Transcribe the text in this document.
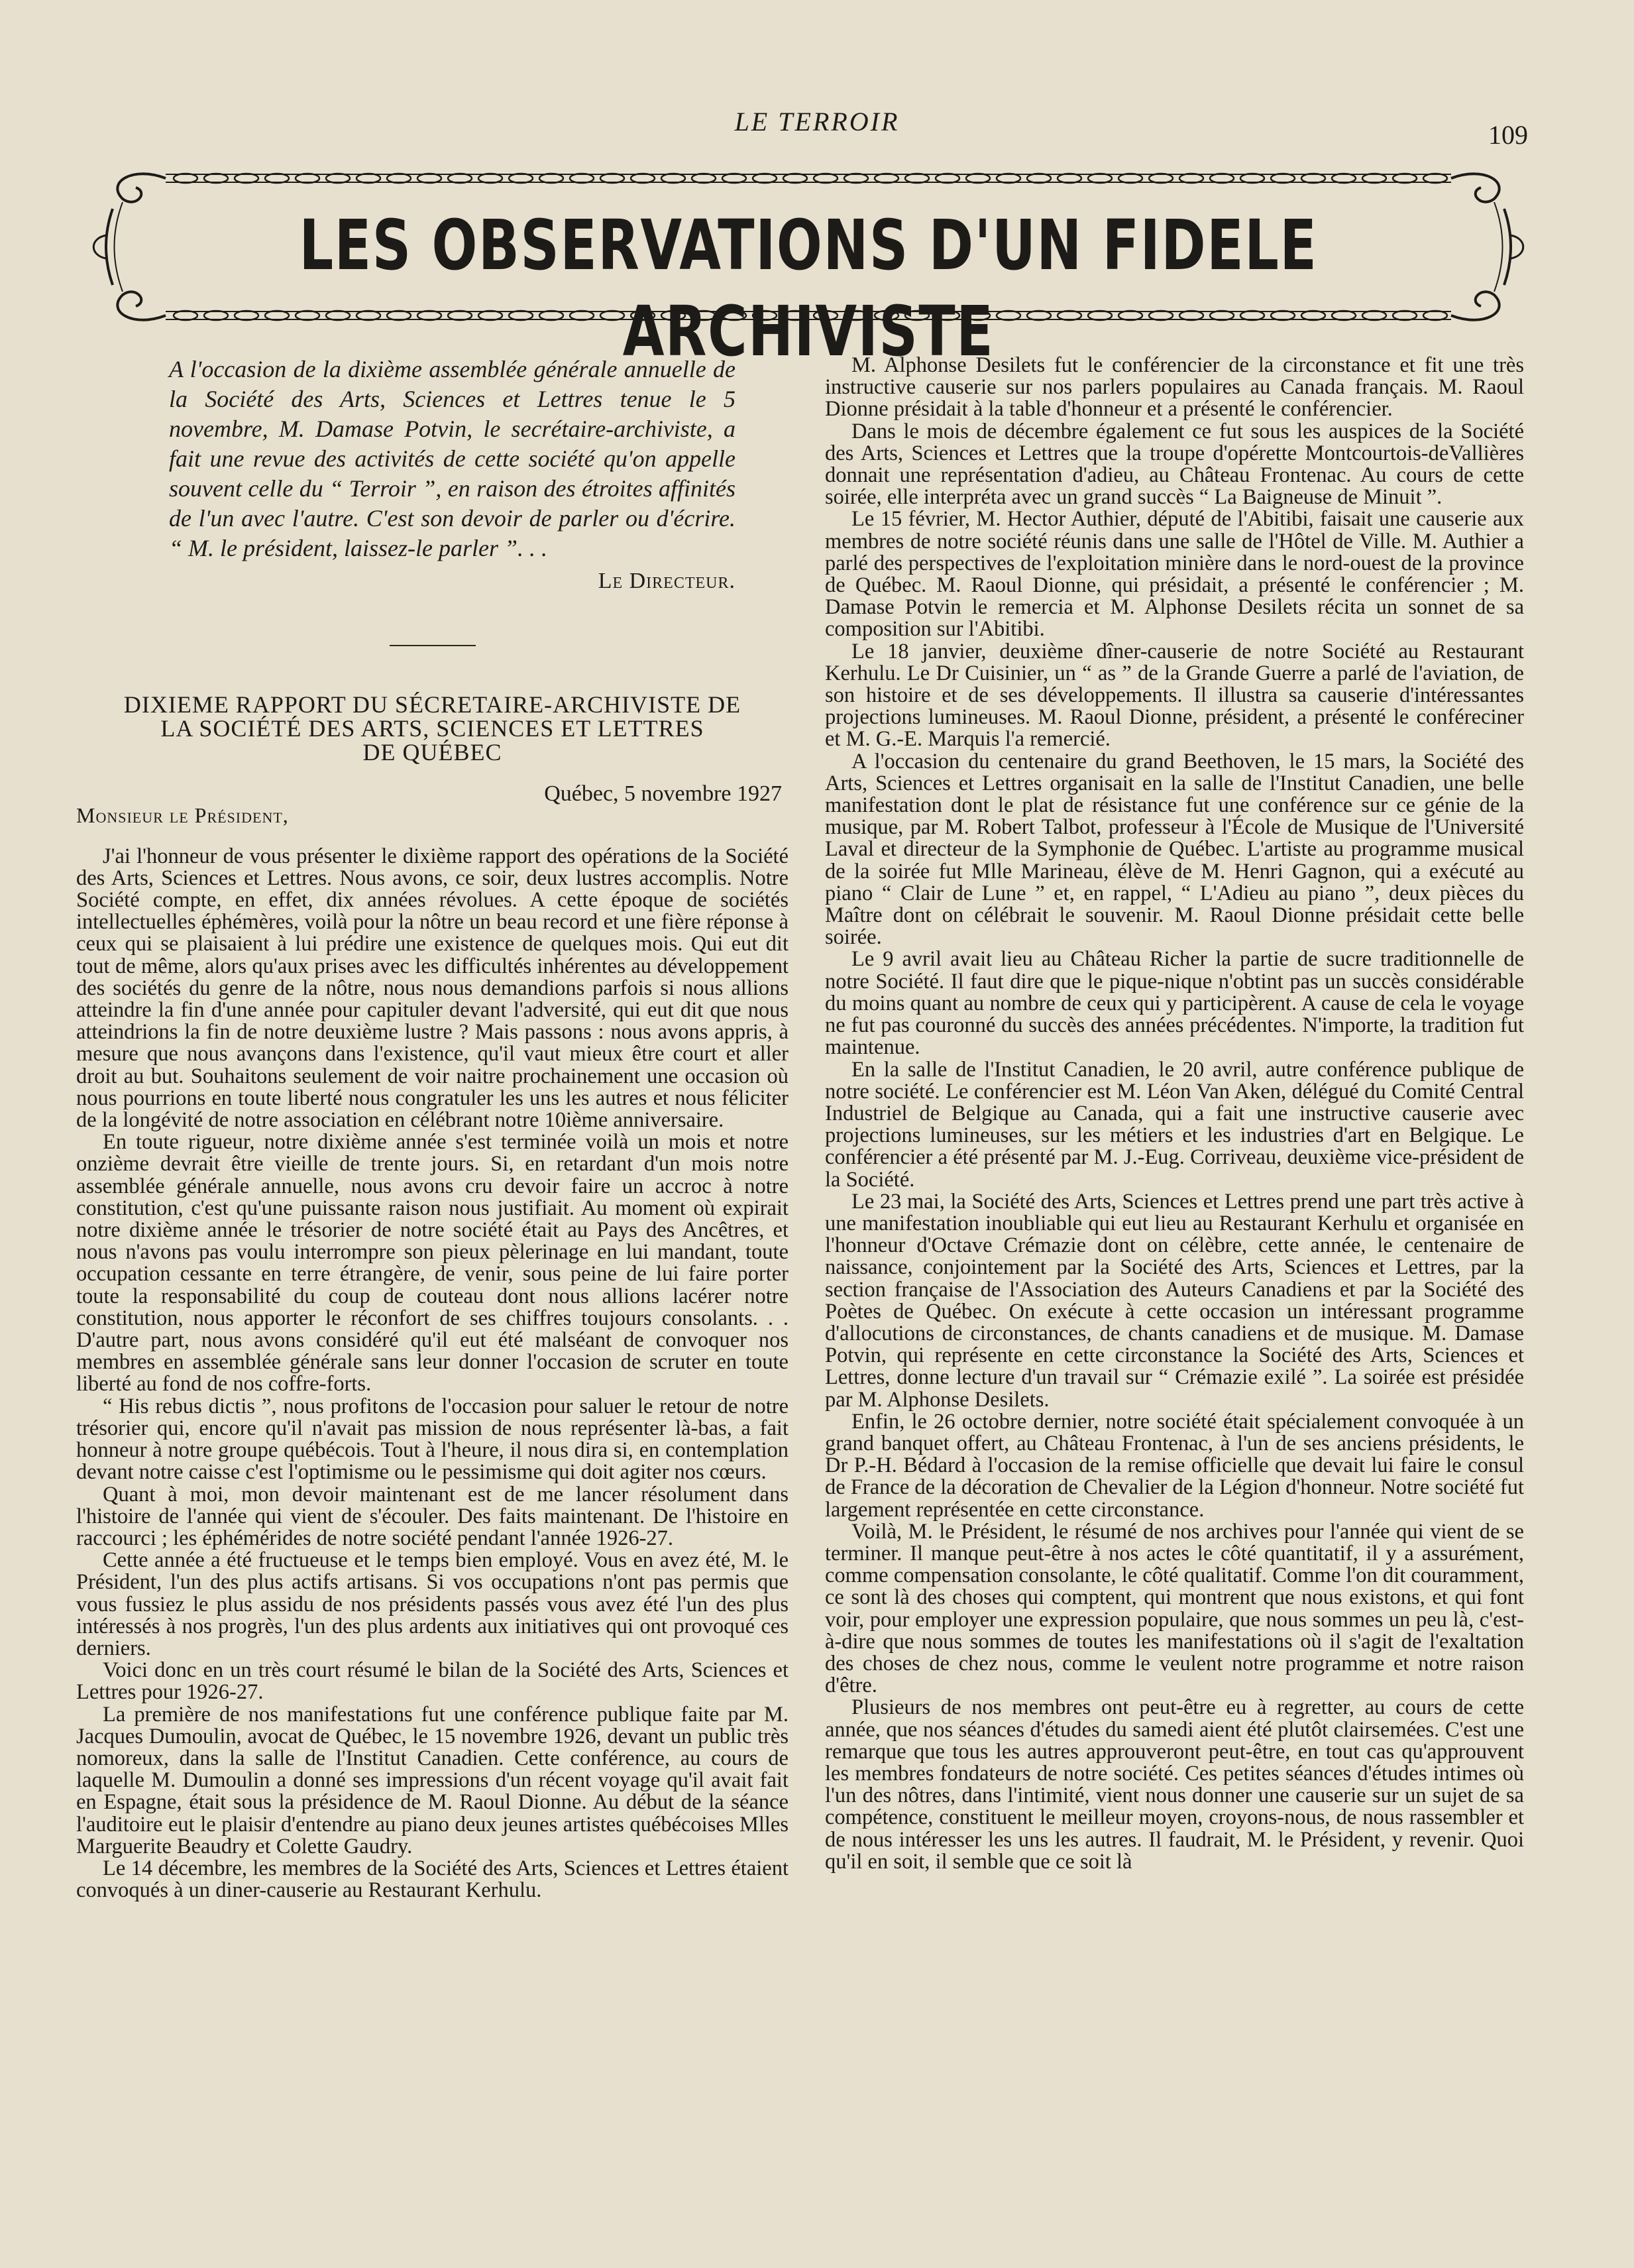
LE TERROIR	109
LES OBSERVATIONS D'UN FIDELE ARCHIVISTE
A l'occasion de la dixième assemblée générale annuelle de la Société des Arts, Sciences et Lettres tenue le 5 novembre, M. Damase Potvin, le secrétaire-archiviste, a fait une revue des activités de cette société qu'on appelle souvent celle du “ Terroir ”, en raison des étroites affinités de l'un avec l'autre. C'est son devoir de parler ou d'écrire. “ M. le président, laissez-le parler ”. . .
Le Directeur.
DIXIEME RAPPORT DU SÉCRETAIRE-ARCHIVISTE DE
LA SOCIÉTÉ DES ARTS, SCIENCES ET LETTRES
DE QUÉBEC
Québec, 5 novembre 1927
Monsieur le Président,

J'ai l'honneur de vous présenter le dixième rapport des opérations de la Société des Arts, Sciences et Lettres. Nous avons, ce soir, deux lustres accomplis. Notre Société compte, en effet, dix années révolues. A cette époque de sociétés intellectuelles éphémères, voilà pour la nôtre un beau record et une fière réponse à ceux qui se plaisaient à lui prédire une existence de quelques mois. Qui eut dit tout de même, alors qu'aux prises avec les difficultés inhérentes au développement des sociétés du genre de la nôtre, nous nous demandions parfois si nous allions atteindre la fin d'une année pour capituler devant l'adversité, qui eut dit que nous atteindrions la fin de notre deuxième lustre ? Mais passons : nous avons appris, à mesure que nous avançons dans l'existence, qu'il vaut mieux être court et aller droit au but. Souhaitons seulement de voir naitre prochainement une occasion où nous pourrions en toute liberté nous congratuler les uns les autres et nous féliciter de la longévité de notre association en célébrant notre 10ième anniversaire.

En toute rigueur, notre dixième année s'est terminée voilà un mois et notre onzième devrait être vieille de trente jours. Si, en retardant d'un mois notre assemblée générale annuelle, nous avons cru devoir faire un accroc à notre constitution, c'est qu'une puissante raison nous justifiait. Au moment où expirait notre dixième année le trésorier de notre société était au Pays des Ancêtres, et nous n'avons pas voulu interrompre son pieux pèlerinage en lui mandant, toute occupation cessante en terre étrangère, de venir, sous peine de lui faire porter toute la responsabilité du coup de couteau dont nous allions lacérer notre constitution, nous apporter le réconfort de ses chiffres toujours consolants. . . D'autre part, nous avons considéré qu'il eut été malséant de convoquer nos membres en assemblée générale sans leur donner l'occasion de scruter en toute liberté au fond de nos coffre-forts.

“ His rebus dictis ”, nous profitons de l'occasion pour saluer le retour de notre trésorier qui, encore qu'il n'avait pas mission de nous représenter là-bas, a fait honneur à notre groupe québécois. Tout à l'heure, il nous dira si, en contemplation devant notre caisse c'est l'optimisme ou le pessimisme qui doit agiter nos cœurs.

Quant à moi, mon devoir maintenant est de me lancer résolument dans l'histoire de l'année qui vient de s'écouler. Des faits maintenant. De l'histoire en raccourci ; les éphémérides de notre société pendant l'année 1926-27.

Cette année a été fructueuse et le temps bien employé. Vous en avez été, M. le Président, l'un des plus actifs artisans. Si vos occupations n'ont pas permis que vous fussiez le plus assidu de nos présidents passés vous avez été l'un des plus intéressés à nos progrès, l'un des plus ardents aux initiatives qui ont provoqué ces derniers.

Voici donc en un très court résumé le bilan de la Société des Arts, Sciences et Lettres pour 1926-27.

La première de nos manifestations fut une conférence publique faite par M. Jacques Dumoulin, avocat de Québec, le 15 novembre 1926, devant un public très nomoreux, dans la salle de l'Institut Canadien. Cette conférence, au cours de laquelle M. Dumoulin a donné ses impressions d'un récent voyage qu'il avait fait en Espagne, était sous la présidence de M. Raoul Dionne. Au début de la séance l'auditoire eut le plaisir d'entendre au piano deux jeunes artistes québécoises Mlles Marguerite Beaudry et Colette Gaudry.

Le 14 décembre, les membres de la Société des Arts, Sciences et Lettres étaient convoqués à un diner-causerie au Restaurant Kerhulu.

M. Alphonse Desilets fut le conférencier de la circonstance et fit une très instructive causerie sur nos parlers populaires au Canada français. M. Raoul Dionne présidait à la table d'honneur et a présenté le conférencier.

Dans le mois de décembre également ce fut sous les auspices de la Société des Arts, Sciences et Lettres que la troupe d'opérette Montcourtois-deVallières donnait une représentation d'adieu, au Château Frontenac. Au cours de cette soirée, elle interpréta avec un grand succès “ La Baigneuse de Minuit ”.

Le 15 février, M. Hector Authier, député de l'Abitibi, faisait une causerie aux membres de notre société réunis dans une salle de l'Hôtel de Ville. M. Authier a parlé des perspectives de l'exploitation minière dans le nord-ouest de la province de Québec. M. Raoul Dionne, qui présidait, a présenté le conférencier ; M. Damase Potvin le remercia et M. Alphonse Desilets récita un sonnet de sa composition sur l'Abitibi.

Le 18 janvier, deuxième dîner-causerie de notre Société au Restaurant Kerhulu. Le Dr Cuisinier, un “ as ” de la Grande Guerre a parlé de l'aviation, de son histoire et de ses développements. Il illustra sa causerie d'intéressantes projections lumineuses. M. Raoul Dionne, président, a présenté le conféreciner et M. G.-E. Marquis l'a remercié.

A l'occasion du centenaire du grand Beethoven, le 15 mars, la Société des Arts, Sciences et Lettres organisait en la salle de l'Institut Canadien, une belle manifestation dont le plat de résistance fut une conférence sur ce génie de la musique, par M. Robert Talbot, professeur à l'École de Musique de l'Université Laval et directeur de la Symphonie de Québec. L'artiste au programme musical de la soirée fut Mlle Marineau, élève de M. Henri Gagnon, qui a exécuté au piano “ Clair de Lune ” et, en rappel, “ L'Adieu au piano ”, deux pièces du Maître dont on célébrait le souvenir. M. Raoul Dionne présidait cette belle soirée.

Le 9 avril avait lieu au Château Richer la partie de sucre traditionnelle de notre Société. Il faut dire que le pique-nique n'obtint pas un succès considérable du moins quant au nombre de ceux qui y participèrent. A cause de cela le voyage ne fut pas couronné du succès des années précédentes. N'importe, la tradition fut maintenue.

En la salle de l'Institut Canadien, le 20 avril, autre conférence publique de notre société. Le conférencier est M. Léon Van Aken, délégué du Comité Central Industriel de Belgique au Canada, qui a fait une instructive causerie avec projections lumineuses, sur les métiers et les industries d'art en Belgique. Le conférencier a été présenté par M. J.-Eug. Corriveau, deuxième vice-président de la Société.

Le 23 mai, la Société des Arts, Sciences et Lettres prend une part très active à une manifestation inoubliable qui eut lieu au Restaurant Kerhulu et organisée en l'honneur d'Octave Crémazie dont on célèbre, cette année, le centenaire de naissance, conjointement par la Société des Arts, Sciences et Lettres, par la section française de l'Association des Auteurs Canadiens et par la Société des Poètes de Québec. On exécute à cette occasion un intéressant programme d'allocutions de circonstances, de chants canadiens et de musique. M. Damase Potvin, qui représente en cette circonstance la Société des Arts, Sciences et Lettres, donne lecture d'un travail sur “ Crémazie exilé ”. La soirée est présidée par M. Alphonse Desilets.

Enfin, le 26 octobre dernier, notre société était spécialement convoquée à un grand banquet offert, au Château Frontenac, à l'un de ses anciens présidents, le Dr P.-H. Bédard à l'occasion de la remise officielle que devait lui faire le consul de France de la décoration de Chevalier de la Légion d'honneur. Notre société fut largement représentée en cette circonstance.

Voilà, M. le Président, le résumé de nos archives pour l'année qui vient de se terminer. Il manque peut-être à nos actes le côté quantitatif, il y a assurément, comme compensation consolante, le côté qualitatif. Comme l'on dit couramment, ce sont là des choses qui comptent, qui montrent que nous existons, et qui font voir, pour employer une expression populaire, que nous sommes un peu là, c'est-à-dire que nous sommes de toutes les manifestations où il s'agit de l'exaltation des choses de chez nous, comme le veulent notre programme et notre raison d'être.

Plusieurs de nos membres ont peut-être eu à regretter, au cours de cette année, que nos séances d'études du samedi aient été plutôt clairsemées. C'est une remarque que tous les autres approuveront peut-être, en tout cas qu'approuvent les membres fondateurs de notre société. Ces petites séances d'études intimes où l'un des nôtres, dans l'intimité, vient nous donner une causerie sur un sujet de sa compétence, constituent le meilleur moyen, croyons-nous, de nous rassembler et de nous intéresser les uns les autres. Il faudrait, M. le Président, y revenir. Quoi qu'il en soit, il semble que ce soit là
